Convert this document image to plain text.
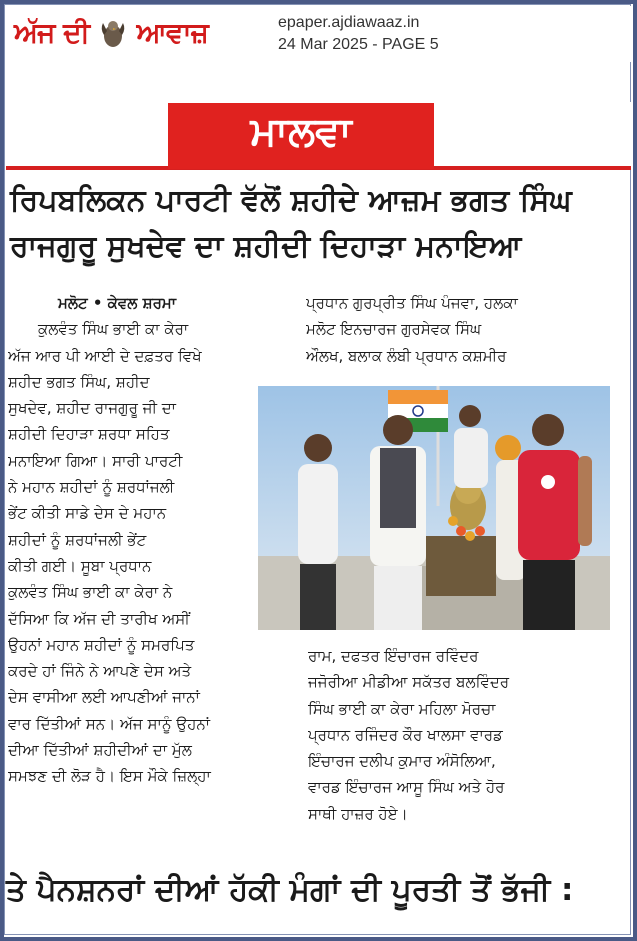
ਅੱਜ ਦੀ ਆਵਾਜ਼	epaper.ajdiawaaz.in
24 Mar 2025 - PAGE 5
ਮਾਲਵਾ
ਰਿਪਬਲਿਕਨ ਪਾਰਟੀ ਵੱਲੋਂ ਸ਼ਹੀਦੇ ਆਜ਼ਮ ਭਗਤ ਸਿੰਘ
ਰਾਜਗੁਰੂ ਸੁਖਦੇਵ ਦਾ ਸ਼ਹੀਦੀ ਦਿਹਾੜਾ ਮਨਾਇਆ
ਮਲੋਟ • ਕੇਵਲ ਸ਼ਰਮਾ
ਕੁਲਵੰਤ ਸਿੰਘ ਭਾਈ ਕਾ ਕੇਰਾ
ਅੱਜ ਆਰ ਪੀ ਆਈ ਦੇ ਦਫ਼ਤਰ ਵਿਖੇ
ਸ਼ਹੀਦ ਭਗਤ ਸਿੰਘ, ਸ਼ਹੀਦ
ਸੁਖਦੇਵ, ਸ਼ਹੀਦ ਰਾਜਗੁਰੂ ਜੀ ਦਾ
ਸ਼ਹੀਦੀ ਦਿਹਾੜਾ ਸ਼ਰਧਾ ਸਹਿਤ
ਮਨਾਇਆ ਗਿਆ। ਸਾਰੀ ਪਾਰਟੀ
ਨੇ ਮਹਾਨ ਸ਼ਹੀਦਾਂ ਨੂੰ ਸ਼ਰਧਾਂਜਲੀ
ਭੇਂਟ ਕੀਤੀ ਸਾਡੇ ਦੇਸ ਦੇ ਮਹਾਨ
ਸ਼ਹੀਦਾਂ ਨੂੰ ਸ਼ਰਧਾਂਜਲੀ ਭੇਂਟ
ਕੀਤੀ ਗਈ। ਸੂਬਾ ਪ੍ਰਧਾਨ
ਕੁਲਵੰਤ ਸਿੰਘ ਭਾਈ ਕਾ ਕੇਰਾ ਨੇ
ਦੱਸਿਆ ਕਿ ਅੱਜ ਦੀ ਤਾਰੀਖ ਅਸੀਂ
ਉਹਨਾਂ ਮਹਾਨ ਸ਼ਹੀਦਾਂ ਨੂੰ ਸਮਰਪਿਤ
ਕਰਦੇ ਹਾਂ ਜਿੰਨੇ ਨੇ ਆਪਣੇ ਦੇਸ ਅਤੇ
ਦੇਸ ਵਾਸੀਆ ਲਈ ਆਪਣੀਆਂ ਜਾਨਾਂ
ਵਾਰ ਦਿੱਤੀਆਂ ਸਨ। ਅੱਜ ਸਾਨੂੰ ਉਹਨਾਂ
ਦੀਆ ਦਿੱਤੀਆਂ ਸ਼ਹੀਦੀਆਂ ਦਾ ਮੁੱਲ
ਸਮਝਣ ਦੀ ਲੋੜ ਹੈ। ਇਸ ਮੌਕੇ ਜ਼ਿਲ੍ਹਾ
ਪ੍ਰਧਾਨ ਗੁਰਪ੍ਰੀਤ ਸਿੰਘ ਪੰਜਵਾ, ਹਲਕਾ
ਮਲੋਟ ਇਨਚਾਰਜ ਗੁਰਸੇਵਕ ਸਿੰਘ
ਔਲਖ, ਬਲਾਕ ਲੰਬੀ ਪ੍ਰਧਾਨ ਕਸ਼ਮੀਰ
ਰਾਮ, ਦਫਤਰ ਇੰਚਾਰਜ ਰਵਿੰਦਰ
ਜਜੋਰੀਆ ਮੀਡੀਆ ਸਕੱਤਰ ਬਲਵਿੰਦਰ
ਸਿੰਘ ਭਾਈ ਕਾ ਕੇਰਾ ਮਹਿਲਾ ਮੋਰਚਾ
ਪ੍ਰਧਾਨ ਰਜਿੰਦਰ ਕੌਰ ਖਾਲਸਾ ਵਾਰਡ
ਇੰਚਾਰਜ ਦਲੀਪ ਕੁਮਾਰ ਅੰਸੋਲਿਆ,
ਵਾਰਡ ਇੰਚਾਰਜ ਆਸੂ ਸਿੰਘ ਅਤੇ ਹੋਰ
ਸਾਥੀ ਹਾਜ਼ਰ ਹੋਏ।
ਤੇ ਪੈਨਸ਼ਨਰਾਂ ਦੀਆਂ ਹੱਕੀ ਮੰਗਾਂ ਦੀ ਪੂਰਤੀ ਤੋਂ ਭੱਜੀ :
